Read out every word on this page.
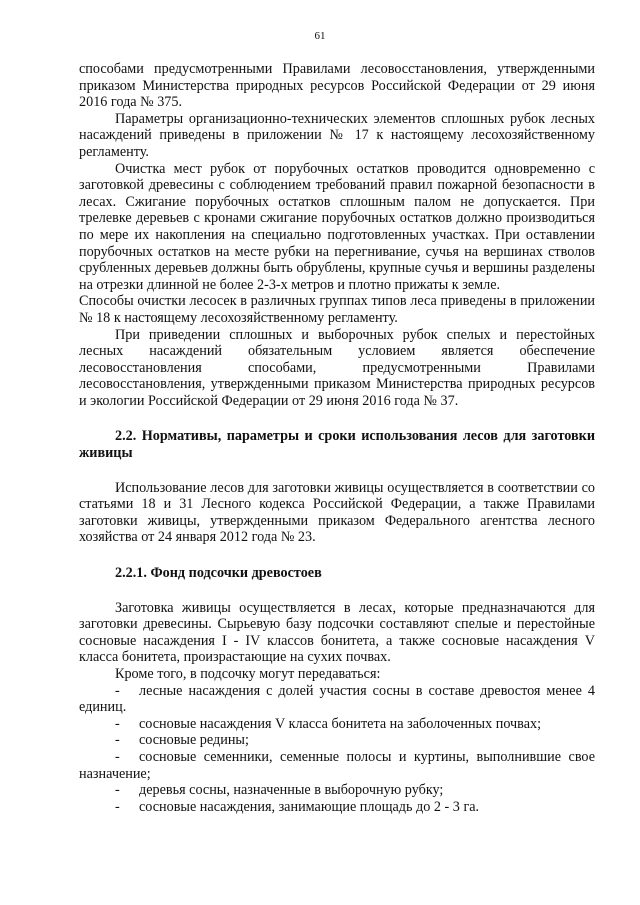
61

способами предусмотренными Правилами лесовосстановления, утвержденными приказом Министерства природных ресурсов Российской Федерации от 29 июня 2016 года № 375.

Параметры организационно-технических элементов сплошных рубок лесных насаждений приведены в приложении № 17 к настоящему лесохозяйственному регламенту.

Очистка мест рубок от порубочных остатков проводится одновременно с заготовкой древесины с соблюдением требований правил пожарной безопасности в лесах. Сжигание порубочных остатков сплошным палом не допускается. При трелевке деревьев с кронами сжигание порубочных остатков должно производиться по мере их накопления на специально подготовленных участках. При оставлении порубочных остатков на месте рубки на перегнивание, сучья на вершинах стволов срубленных деревьев должны быть обрублены, крупные сучья и вершины разделены на отрезки длинной не более 2-3-х метров и плотно прижаты к земле.

Способы очистки лесосек в различных группах типов леса приведены в приложении № 18 к настоящему лесохозяйственному регламенту.

При приведении сплошных и выборочных рубок спелых и перестойных лесных насаждений обязательным условием является обеспечение лесовосстановления способами, предусмотренными Правилами лесовосстановления, утвержденными приказом Министерства природных ресурсов и экологии Российской Федерации от 29 июня 2016 года № 37.

2.2. Нормативы, параметры и сроки использования лесов для заготовки живицы

Использование лесов для заготовки живицы осуществляется в соответствии со статьями 18 и 31 Лесного кодекса Российской Федерации, а также Правилами заготовки живицы, утвержденными приказом Федерального агентства лесного хозяйства от 24 января 2012 года № 23.

2.2.1. Фонд подсочки древостоев

Заготовка живицы осуществляется в лесах, которые предназначаются для заготовки древесины. Сырьевую базу подсочки составляют спелые и перестойные сосновые насаждения I - IV классов бонитета, а также сосновые насаждения V класса бонитета, произрастающие на сухих почвах.

Кроме того, в подсочку могут передаваться:

- лесные насаждения с долей участия сосны в составе древостоя менее 4 единиц.
- сосновые насаждения V класса бонитета на заболоченных почвах;
- сосновые редины;
- сосновые семенники, семенные полосы и куртины, выполнившие свое назначение;
- деревья сосны, назначенные в выборочную рубку;
- сосновые насаждения, занимающие площадь до 2 - 3 га.
